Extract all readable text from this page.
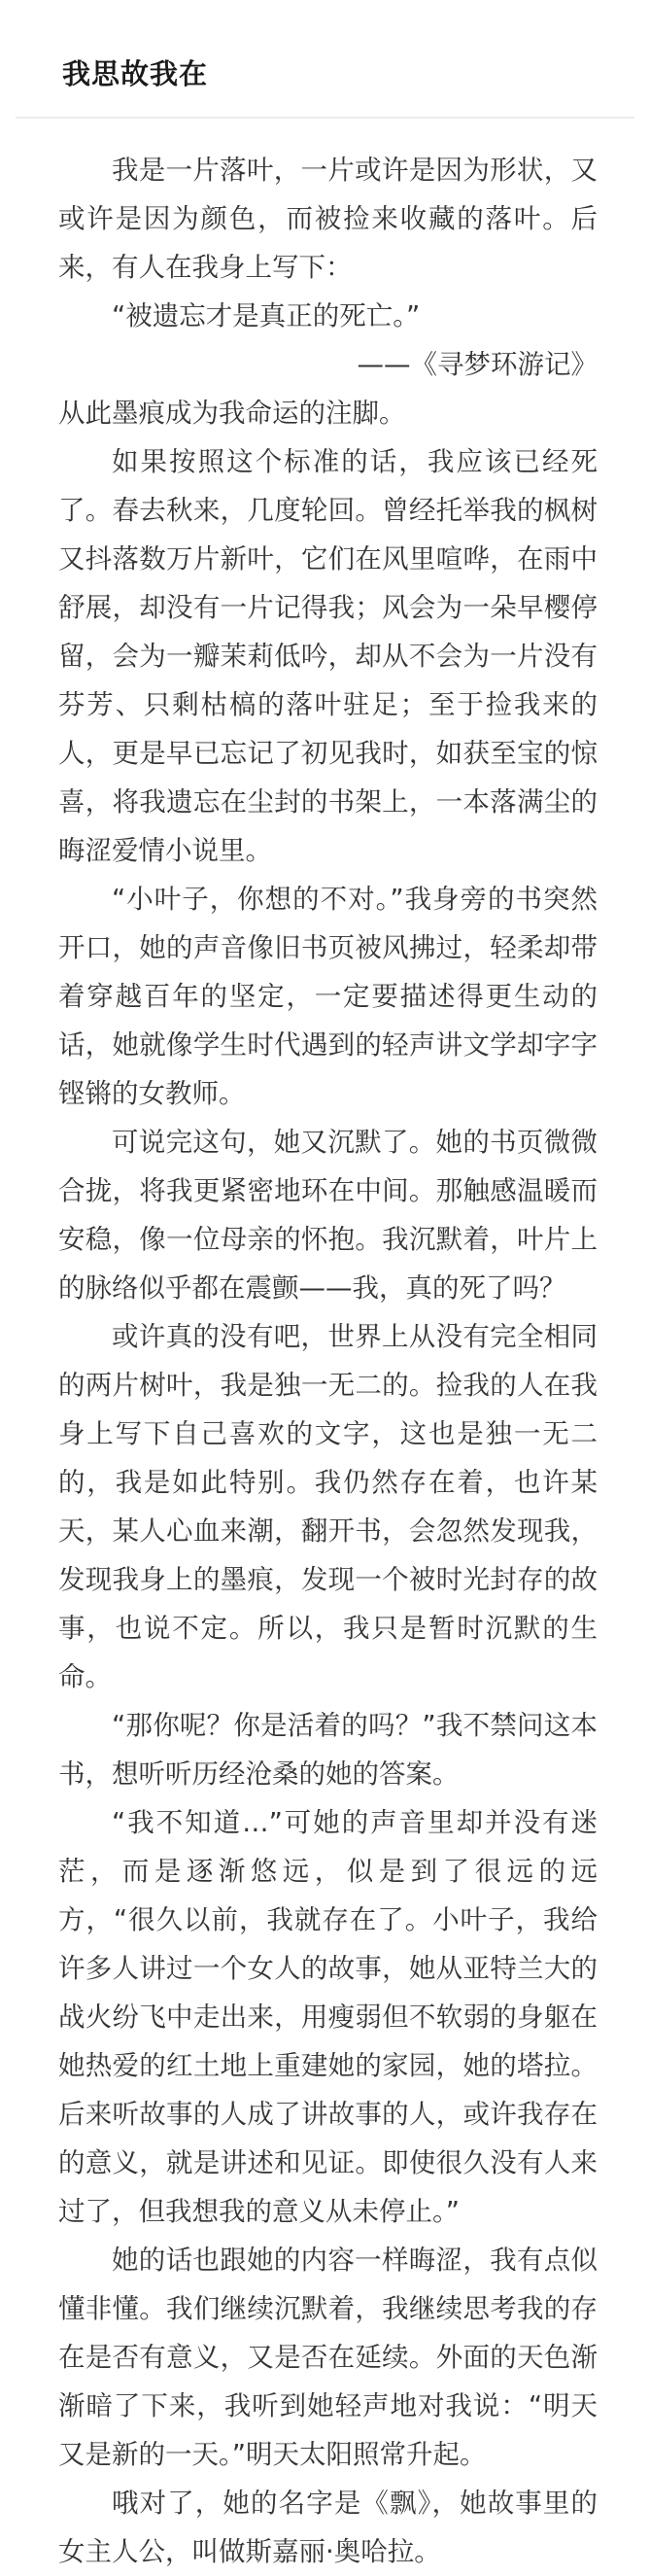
我思故我在

我是一片落叶，一片或许是因为形状，又或许是因为颜色，而被捡来收藏的落叶。后来，有人在我身上写下：

“被遗忘才是真正的死亡。”

——《寻梦环游记》

从此墨痕成为我命运的注脚。

如果按照这个标准的话，我应该已经死了。春去秋来，几度轮回。曾经托举我的枫树又抖落数万片新叶，它们在风里喧哗，在雨中舒展，却没有一片记得我；风会为一朵早樱停留，会为一瓣茉莉低吟，却从不会为一片没有芬芳、只剩枯槁的落叶驻足；至于捡我来的人，更是早已忘记了初见我时，如获至宝的惊喜，将我遗忘在尘封的书架上，一本落满尘的晦涩爱情小说里。

“小叶子，你想的不对。”我身旁的书突然开口，她的声音像旧书页被风拂过，轻柔却带着穿越百年的坚定，一定要描述得更生动的话，她就像学生时代遇到的轻声讲文学却字字铿锵的女教师。

可说完这句，她又沉默了。她的书页微微合拢，将我更紧密地环在中间。那触感温暖而安稳，像一位母亲的怀抱。我沉默着，叶片上的脉络似乎都在震颤——我，真的死了吗？

或许真的没有吧，世界上从没有完全相同的两片树叶，我是独一无二的。捡我的人在我身上写下自己喜欢的文字，这也是独一无二的，我是如此特别。我仍然存在着，也许某天，某人心血来潮，翻开书，会忽然发现我，发现我身上的墨痕，发现一个被时光封存的故事，也说不定。所以，我只是暂时沉默的生命。

“那你呢？你是活着的吗？”我不禁问这本书，想听听历经沧桑的她的答案。

“我不知道…”可她的声音里却并没有迷茫，而是逐渐悠远，似是到了很远的远方，“很久以前，我就存在了。小叶子，我给许多人讲过一个女人的故事，她从亚特兰大的战火纷飞中走出来，用瘦弱但不软弱的身躯在她热爱的红土地上重建她的家园，她的塔拉。后来听故事的人成了讲故事的人，或许我存在的意义，就是讲述和见证。即使很久没有人来过了，但我想我的意义从未停止。”

她的话也跟她的内容一样晦涩，我有点似懂非懂。我们继续沉默着，我继续思考我的存在是否有意义，又是否在延续。外面的天色渐渐暗了下来，我听到她轻声地对我说：“明天又是新的一天。”明天太阳照常升起。

哦对了，她的名字是《飘》，她故事里的女主人公，叫做斯嘉丽·奥哈拉。
